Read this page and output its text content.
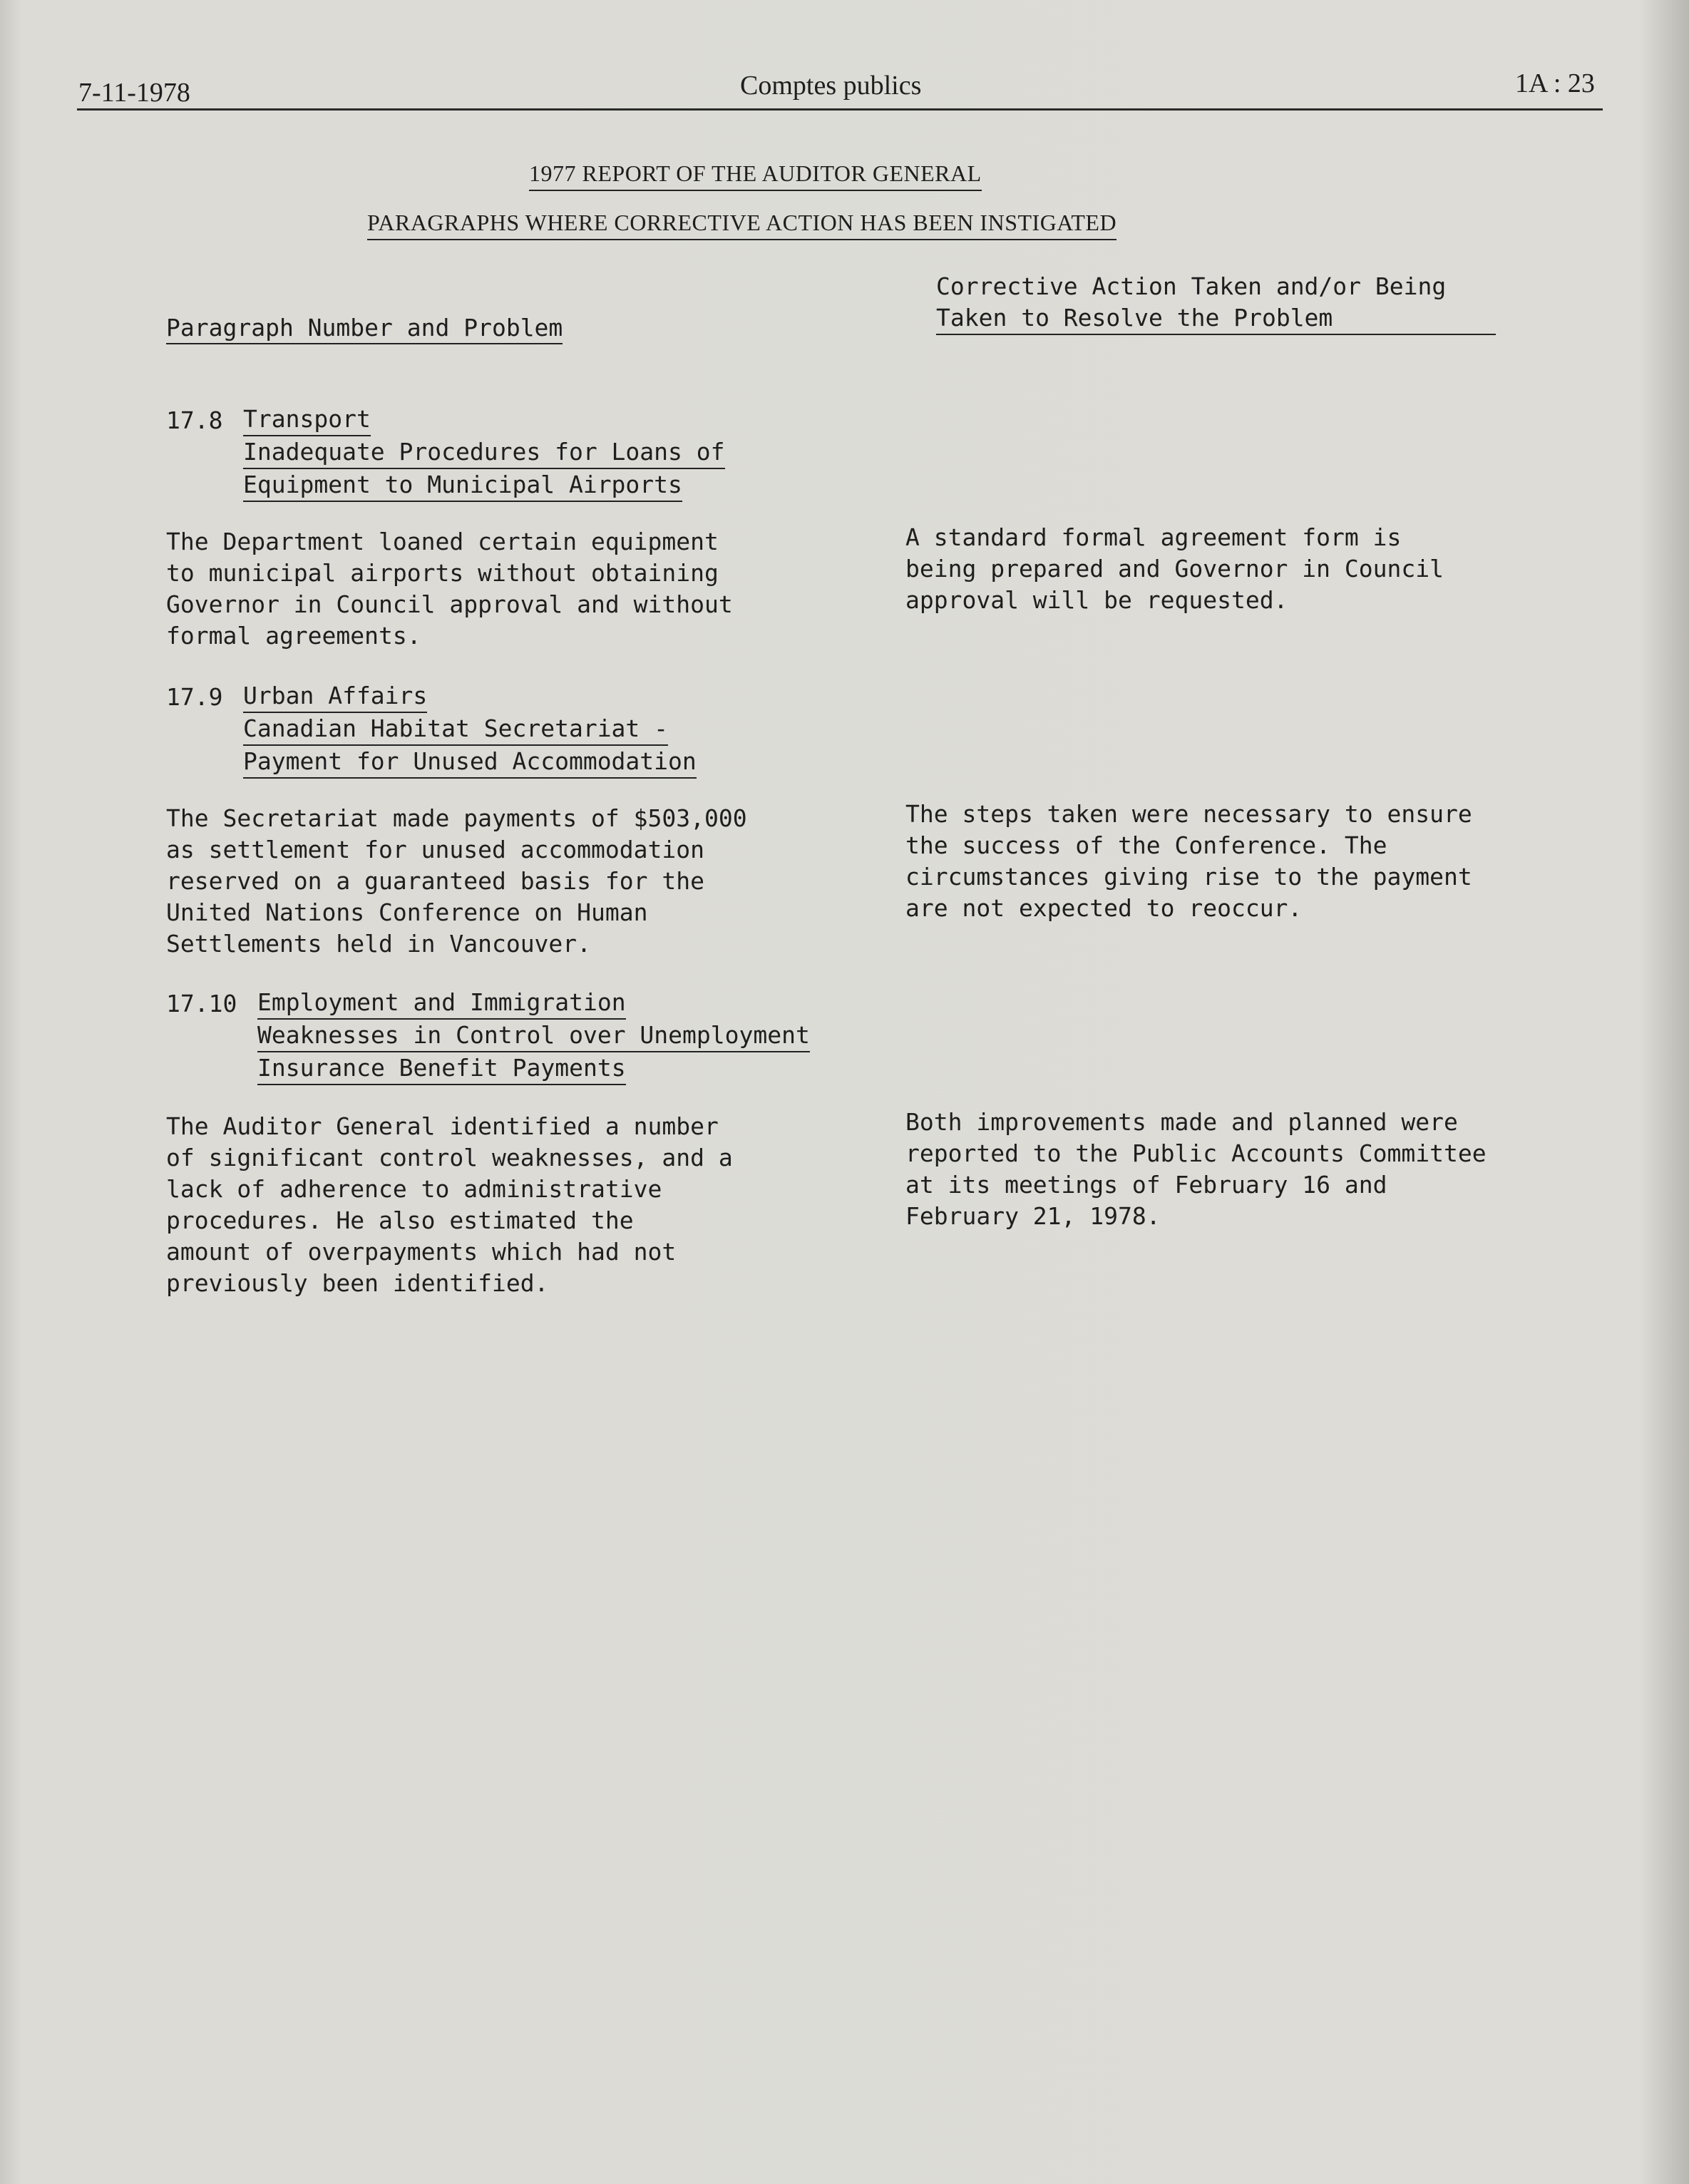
7-11-1978	Comptes publics	1A : 23
1977 REPORT OF THE AUDITOR GENERAL
PARAGRAPHS WHERE CORRECTIVE ACTION HAS BEEN INSTIGATED
Paragraph Number and Problem
Corrective Action Taken and/or Being
Taken to Resolve the Problem
17.8 Transport
Inadequate Procedures for Loans of
Equipment to Municipal Airports
The Department loaned certain equipment
to municipal airports without obtaining
Governor in Council approval and without
formal agreements.
A standard formal agreement form is
being prepared and Governor in Council
approval will be requested.
17.9 Urban Affairs
Canadian Habitat Secretariat -
Payment for Unused Accommodation
The Secretariat made payments of $503,000
as settlement for unused accommodation
reserved on a guaranteed basis for the
United Nations Conference on Human
Settlements held in Vancouver.
The steps taken were necessary to ensure
the success of the Conference. The
circumstances giving rise to the payment
are not expected to reoccur.
17.10 Employment and Immigration
Weaknesses in Control over Unemployment
Insurance Benefit Payments
The Auditor General identified a number
of significant control weaknesses, and a
lack of adherence to administrative
procedures. He also estimated the
amount of overpayments which had not
previously been identified.
Both improvements made and planned were
reported to the Public Accounts Committee
at its meetings of February 16 and
February 21, 1978.
